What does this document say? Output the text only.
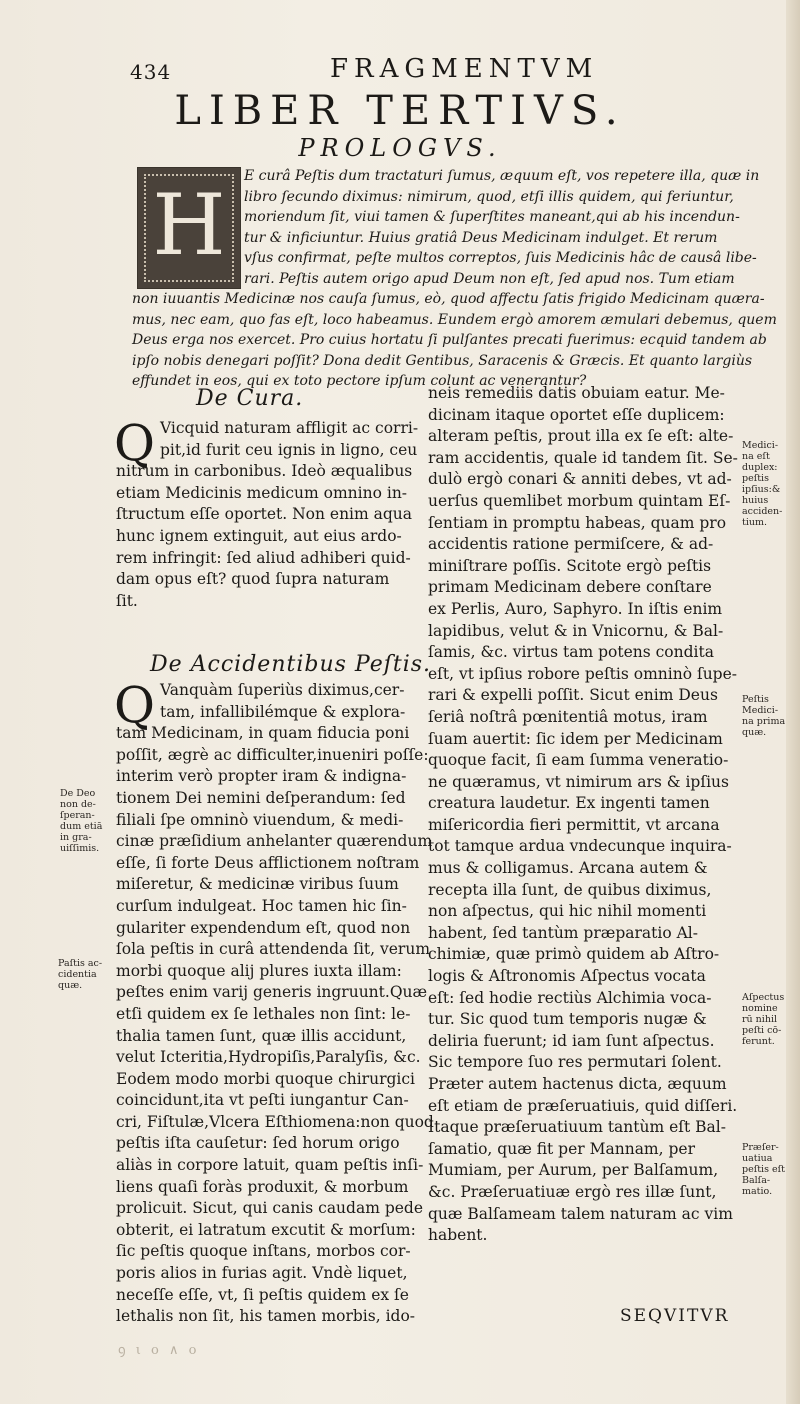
434	FRAGMENTVM
LIBER TERTIVS.
PROLOGVS.
H	E curâ Peſtis dum tractaturi ſumus, æquum eſt, vos repetere illa, quæ in
libro ſecundo diximus: nimirum, quod, etſi illis quidem, qui feriuntur,
moriendum ſit, viui tamen & ſuperſtites maneant,qui ab his incendun-
tur & inficiuntur. Huius gratiâ Deus Medicinam indulget. Et rerum
vſus confirmat, peſte multos correptos, ſuis Medicinis hâc de causâ libe-
rari. Peſtis autem origo apud Deum non eſt, ſed apud nos. Tum etiam
non iuuantis Medicinæ nos cauſa ſumus, eò, quod affectu ſatis frigido Medicinam quæra-
mus, nec eam, quo fas eſt, loco habeamus. Eundem ergò amorem æmulari debemus, quem
Deus erga nos exercet. Pro cuius hortatu ſi pulſantes precati fuerimus: ecquid tandem ab
ipſo nobis denegari poſſit? Dona dedit Gentibus, Saracenis & Græcis. Et quanto largiùs
effundet in eos, qui ex toto pectore ipſum colunt ac venerantur?
De Cura.
Q Vicquid naturam affligit ac corri-
pit,id furit ceu ignis in ligno, ceu
nitrum in carbonibus. Ideò æqualibus
etiam Medicinis medicum omnino in-
ſtructum eſſe oportet. Non enim aqua
hunc ignem extinguit, aut eius ardo-
rem infringit: ſed aliud adhiberi quid-
dam opus eſt? quod ſupra naturam
ſit.
De Accidentibus Peſtis.
Q Vanquàm ſuperiùs diximus,cer-
tam, infallibilémque & explora-
tam Medicinam, in quam fiducia poni
poſſit, ægrè ac difficulter,inueniri poſſe:
interim verò propter iram & indigna-
tionem Dei nemini deſperandum: ſed
filiali ſpe omninò viuendum, & medi-
cinæ præſidium anhelanter quærendum
eſſe, ſi forte Deus afflictionem noſtram
miſeretur, & medicinæ viribus ſuum
curſum indulgeat. Hoc tamen hic ſin-
gulariter expendendum eſt, quod non
ſola peſtis in curâ attendenda ſit, verum
morbi quoque alij plures iuxta illam:
peſtes enim varij generis ingruunt.Quæ
etſi quidem ex ſe lethales non ſint: le-
thalia tamen ſunt, quæ illis accidunt,
velut Icteritia,Hydropiſis,Paralyſis, &c.
Eodem modo morbi quoque chirurgici
coincidunt,ita vt peſti iungantur Can-
cri, Fiſtulæ,Vlcera Eſthiomena:non quod
peſtis iſta cauſetur: ſed horum origo
aliàs in corpore latuit, quam peſtis inſi-
liens quaſi foràs produxit, & morbum
prolicuit. Sicut, qui canis caudam pede
obterit, ei latratum excutit & morſum:
ſic peſtis quoque inſtans, morbos cor-
poris alios in furias agit. Vndè liquet,
neceſſe eſſe, vt, ſi peſtis quidem ex ſe
lethalis non ſit, his tamen morbis, ido-
neis remediis datis obuiam eatur. Me-
dicinam itaque oportet eſſe duplicem:
alteram peſtis, prout illa ex ſe eſt: alte-
ram accidentis, quale id tandem ſit. Se-
dulò ergò conari & anniti debes, vt ad-
uerſus quemlibet morbum quintam Eſ-
ſentiam in promptu habeas, quam pro
accidentis ratione permiſcere, & ad-
miniſtrare poſſis. Scitote ergò peſtis
primam Medicinam debere conſtare
ex Perlis, Auro, Saphyro. In iſtis enim
lapidibus, velut & in Vnicornu, & Bal-
ſamis, &c. virtus tam potens condita
eſt, vt ipſius robore peſtis omninò ſupe-
rari & expelli poſſit. Sicut enim Deus
ſeriâ noſtrâ pœnitentiâ motus, iram
ſuam auertit: ſic idem per Medicinam
quoque facit, ſi eam ſumma veneratio-
ne quæramus, vt nimirum ars & ipſius
creatura laudetur. Ex ingenti tamen
miſericordia fieri permittit, vt arcana
tot tamque ardua vndecunque inquira-
mus & colligamus. Arcana autem &
recepta illa ſunt, de quibus diximus,
non aſpectus, qui hic nihil momenti
habent, ſed tantùm præparatio Al-
chimiæ, quæ primò quidem ab Aſtro-
logis & Aſtronomis Aſpectus vocata
eſt: ſed hodie rectiùs Alchimia voca-
tur. Sic quod tum temporis nugæ &
deliria fuerunt; id iam ſunt aſpectus.
Sic tempore ſuo res permutari ſolent.
Præter autem hactenus dicta, æquum
eſt etiam de præſeruatiuis, quid diſſeri.
Itaque præſeruatiuum tantùm eſt Bal-
ſamatio, quæ fit per Mannam, per
Mumiam, per Aurum, per Balſamum,
&c. Præſeruatiuæ ergò res illæ ſunt,
quæ Balſameam talem naturam ac vim
habent.
De Deo
non de-
ſperan-
dum etiā
in gra-
uiſſimis.
Paſtis ac-
cidentia
quæ.
Medici-
na eſt
duplex:
peſtis
ipſius:&
huius
acciden-
tium.
Peſtis
Medici-
na prima
quæ.
Aſpectus
nomine
rū nihil
peſti cō-
ferunt.
Præſer-
uatiua
peſtis eſt
Balſa-
matio.
SEQVITVR
ꝯ ι ο ∧ ο
